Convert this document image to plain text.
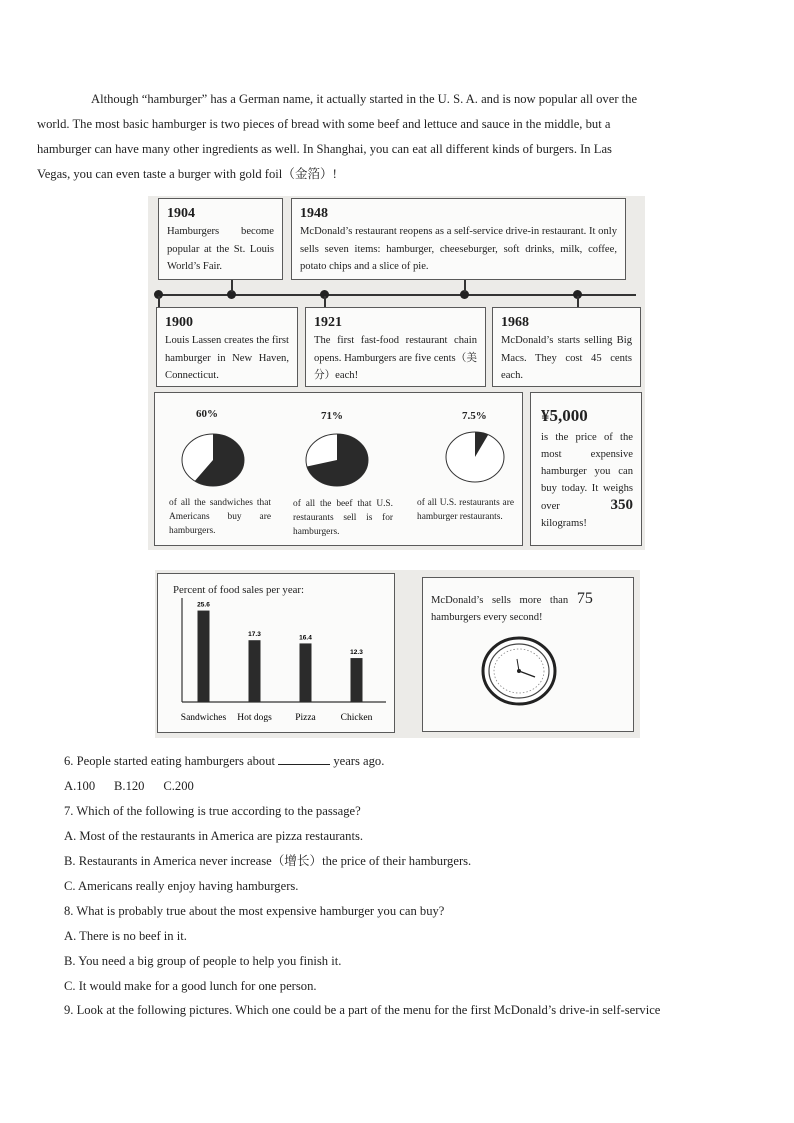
Although “hamburger” has a German name, it actually started in the U. S. A. and is now popular all over the
world. The most basic hamburger is two pieces of bread with some beef and lettuce and sauce in the middle, but a
hamburger can have many other ingredients as well. In Shanghai, you can eat all different kinds of burgers. In Las
Vegas, you can even taste a burger with gold foil（金箔）!
1904
Hamburgers become popular at the St. Louis World’s Fair.
1948
McDonald’s restaurant reopens as a self-service drive-in restaurant. It only sells seven items: hamburger, cheeseburger, soft drinks, milk, coffee, potato chips and a slice of pie.
1900
Louis Lassen creates the first hamburger in New Haven, Connecticut.
1921
The first fast-food restaurant chain opens. Hamburgers are five cents（美分）each!
1968
McDonald’s starts selling Big Macs. They cost 45 cents each.
60%
of all the sandwiches that Americans buy are hamburgers.
71%
of all the beef that U.S. restaurants sell is for hamburgers.
7.5%
of all U.S. restaurants are hamburger restaurants.
¥5,000
is the price of the most expensive hamburger you can buy today. It weighs over	350 kilograms!
Percent of food sales per year:
25.6
Sandwiches
17.3
Hot dogs
16.4
Pizza
12.3
Chicken
McDonald’s sells more than 75
hamburgers every second!
6. People started eating hamburgers about	years ago.
A.100      B.120      C.200
7. Which of the following is true according to the passage?
A. Most of the restaurants in America are pizza restaurants.
B. Restaurants in America never increase（增长）the price of their hamburgers.
C. Americans really enjoy having hamburgers.
8. What is probably true about the most expensive hamburger you can buy?
A. There is no beef in it.
B. You need a big group of people to help you finish it.
C. It would make for a good lunch for one person.
9. Look at the following pictures. Which one could be a part of the menu for the first McDonald’s drive-in self-service
